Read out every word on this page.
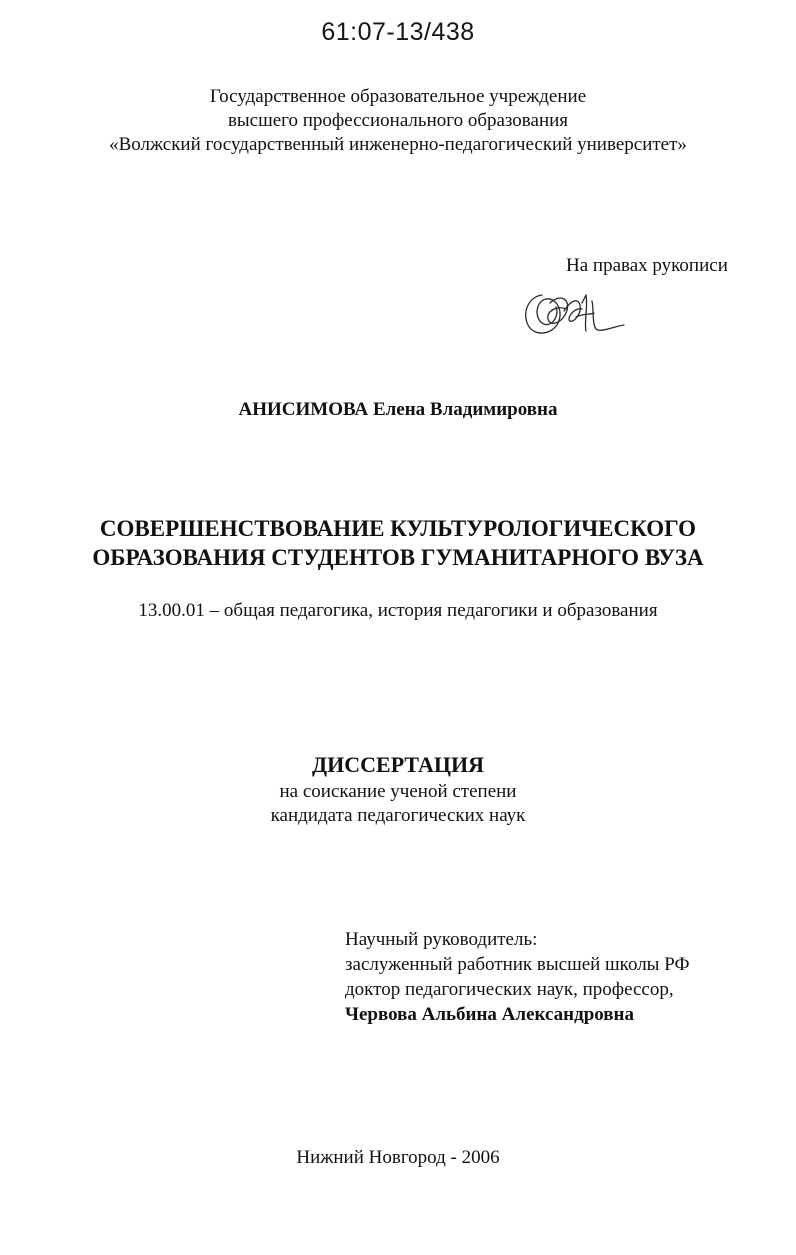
61:07-13/438
Государственное образовательное учреждение
высшего профессионального образования
«Волжский государственный инженерно-педагогический университет»
На правах рукописи
АНИСИМОВА Елена Владимировна
СОВЕРШЕНСТВОВАНИЕ КУЛЬТУРОЛОГИЧЕСКОГО
ОБРАЗОВАНИЯ СТУДЕНТОВ ГУМАНИТАРНОГО ВУЗА
13.00.01 – общая педагогика, история педагогики и образования
ДИССЕРТАЦИЯ
на соискание ученой степени
кандидата педагогических наук
Научный руководитель:
заслуженный работник высшей школы РФ
доктор педагогических наук, профессор,
Червова Альбина Александровна
Нижний Новгород - 2006
